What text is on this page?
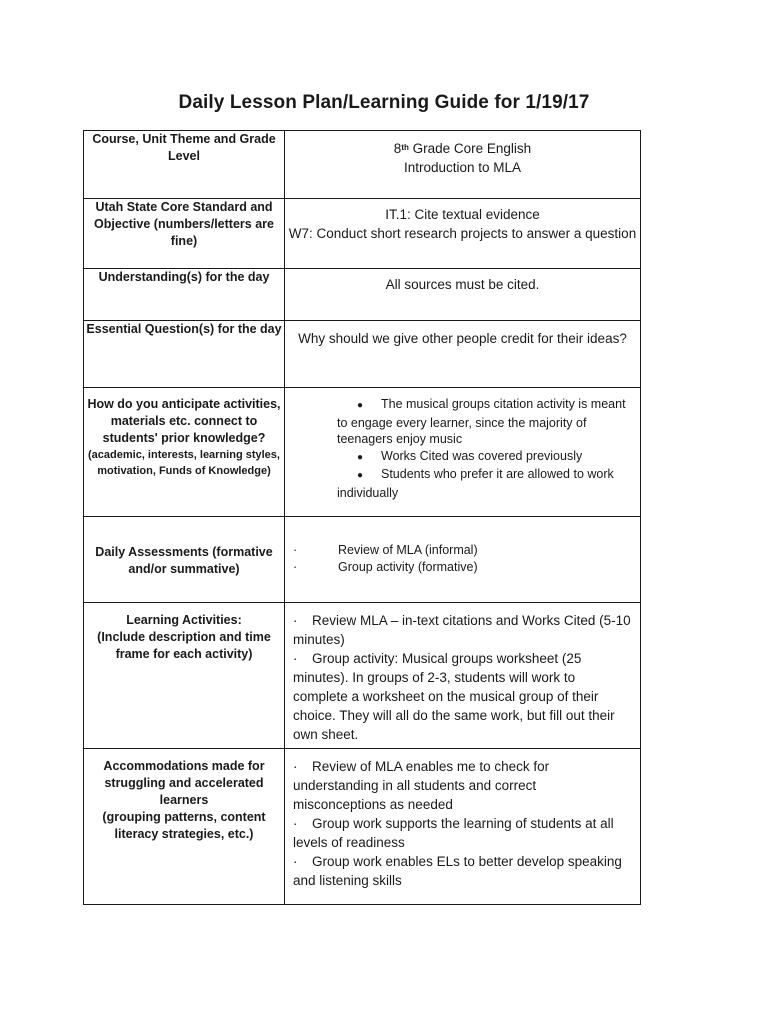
Daily Lesson Plan/Learning Guide for 1/19/17
Course, Unit Theme and Grade Level	8th Grade Core English
Introduction to MLA
Utah State Core Standard and Objective (numbers/letters are fine)	IT.1: Cite textual evidence
W7: Conduct short research projects to answer a question
Understanding(s) for the day	All sources must be cited.
Essential Question(s) for the day	Why should we give other people credit for their ideas?
How do you anticipate activities, materials etc. connect to students' prior knowledge?
(academic, interests, learning styles, motivation, Funds of Knowledge)	● The musical groups citation activity is meant to engage every learner, since the majority of teenagers enjoy music
● Works Cited was covered previously
● Students who prefer it are allowed to work individually

Daily Assessments (formative and/or summative)	· Review of MLA (informal)
· Group activity (formative)

Learning Activities:
(Include description and time frame for each activity)	· Review MLA – in-text citations and Works Cited (5-10 minutes)
· Group activity: Musical groups worksheet (25 minutes). In groups of 2-3, students will work to complete a worksheet on the musical group of their choice. They will all do the same work, but fill out their own sheet.

Accommodations made for struggling and accelerated learners
(grouping patterns, content literacy strategies, etc.)	· Review of MLA enables me to check for understanding in all students and correct misconceptions as needed
· Group work supports the learning of students at all levels of readiness
· Group work enables ELs to better develop speaking and listening skills
